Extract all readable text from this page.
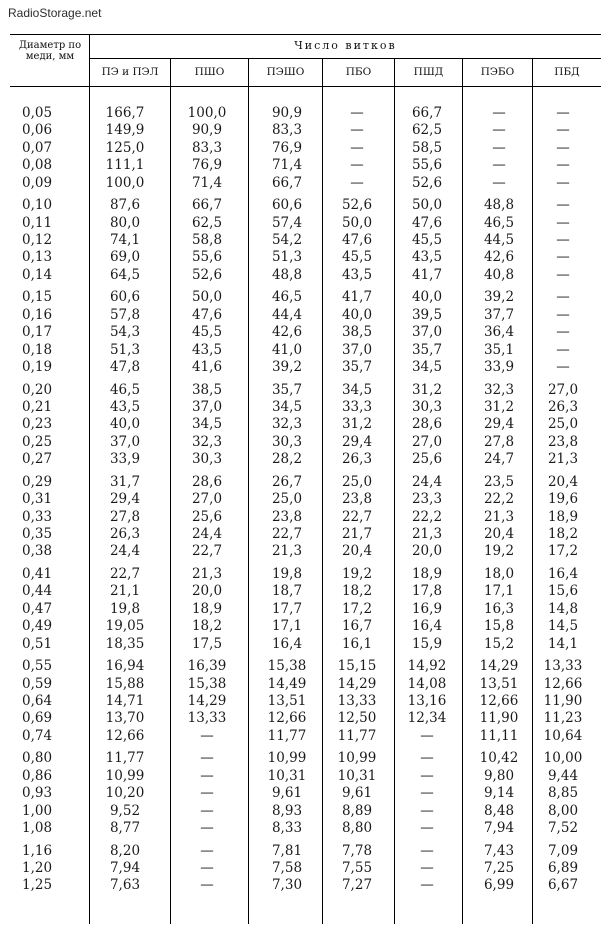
RadioStorage.net
Диаметр по меди, мм
Число витков
ПЭ и ПЭЛ	ПШО	ПЭШО	ПБО	ПШД	ПЭБО	ПБД
0,05	166,7	100,0	90,9	—	66,7	—	—
0,06	149,9	90,9	83,3	—	62,5	—	—
0,07	125,0	83,3	76,9	—	58,5	—	—
0,08	111,1	76,9	71,4	—	55,6	—	—
0,09	100,0	71,4	66,7	—	52,6	—	—
0,10	87,6	66,7	60,6	52,6	50,0	48,8	—
0,11	80,0	62,5	57,4	50,0	47,6	46,5	—
0,12	74,1	58,8	54,2	47,6	45,5	44,5	—
0,13	69,0	55,6	51,3	45,5	43,5	42,6	—
0,14	64,5	52,6	48,8	43,5	41,7	40,8	—
0,15	60,6	50,0	46,5	41,7	40,0	39,2	—
0,16	57,8	47,6	44,4	40,0	39,5	37,7	—
0,17	54,3	45,5	42,6	38,5	37,0	36,4	—
0,18	51,3	43,5	41,0	37,0	35,7	35,1	—
0,19	47,8	41,6	39,2	35,7	34,5	33,9	—
0,20	46,5	38,5	35,7	34,5	31,2	32,3	27,0
0,21	43,5	37,0	34,5	33,3	30,3	31,2	26,3
0,23	40,0	34,5	32,3	31,2	28,6	29,4	25,0
0,25	37,0	32,3	30,3	29,4	27,0	27,8	23,8
0,27	33,9	30,3	28,2	26,3	25,6	24,7	21,3
0,29	31,7	28,6	26,7	25,0	24,4	23,5	20,4
0,31	29,4	27,0	25,0	23,8	23,3	22,2	19,6
0,33	27,8	25,6	23,8	22,7	22,2	21,3	18,9
0,35	26,3	24,4	22,7	21,7	21,3	20,4	18,2
0,38	24,4	22,7	21,3	20,4	20,0	19,2	17,2
0,41	22,7	21,3	19,8	19,2	18,9	18,0	16,4
0,44	21,1	20,0	18,7	18,2	17,8	17,1	15,6
0,47	19,8	18,9	17,7	17,2	16,9	16,3	14,8
0,49	19,05	18,2	17,1	16,7	16,4	15,8	14,5
0,51	18,35	17,5	16,4	16,1	15,9	15,2	14,1
0,55	16,94	16,39	15,38	15,15	14,92	14,29	13,33
0,59	15,88	15,38	14,49	14,29	14,08	13,51	12,66
0,64	14,71	14,29	13,51	13,33	13,16	12,66	11,90
0,69	13,70	13,33	12,66	12,50	12,34	11,90	11,23
0,74	12,66	—	11,77	11,77	—	11,11	10,64
0,80	11,77	—	10,99	10,99	—	10,42	10,00
0,86	10,99	—	10,31	10,31	—	9,80	9,44
0,93	10,20	—	9,61	9,61	—	9,14	8,85
1,00	9,52	—	8,93	8,89	—	8,48	8,00
1,08	8,77	—	8,33	8,80	—	7,94	7,52
1,16	8,20	—	7,81	7,78	—	7,43	7,09
1,20	7,94	—	7,58	7,55	—	7,25	6,89
1,25	7,63	—	7,30	7,27	—	6,99	6,67
